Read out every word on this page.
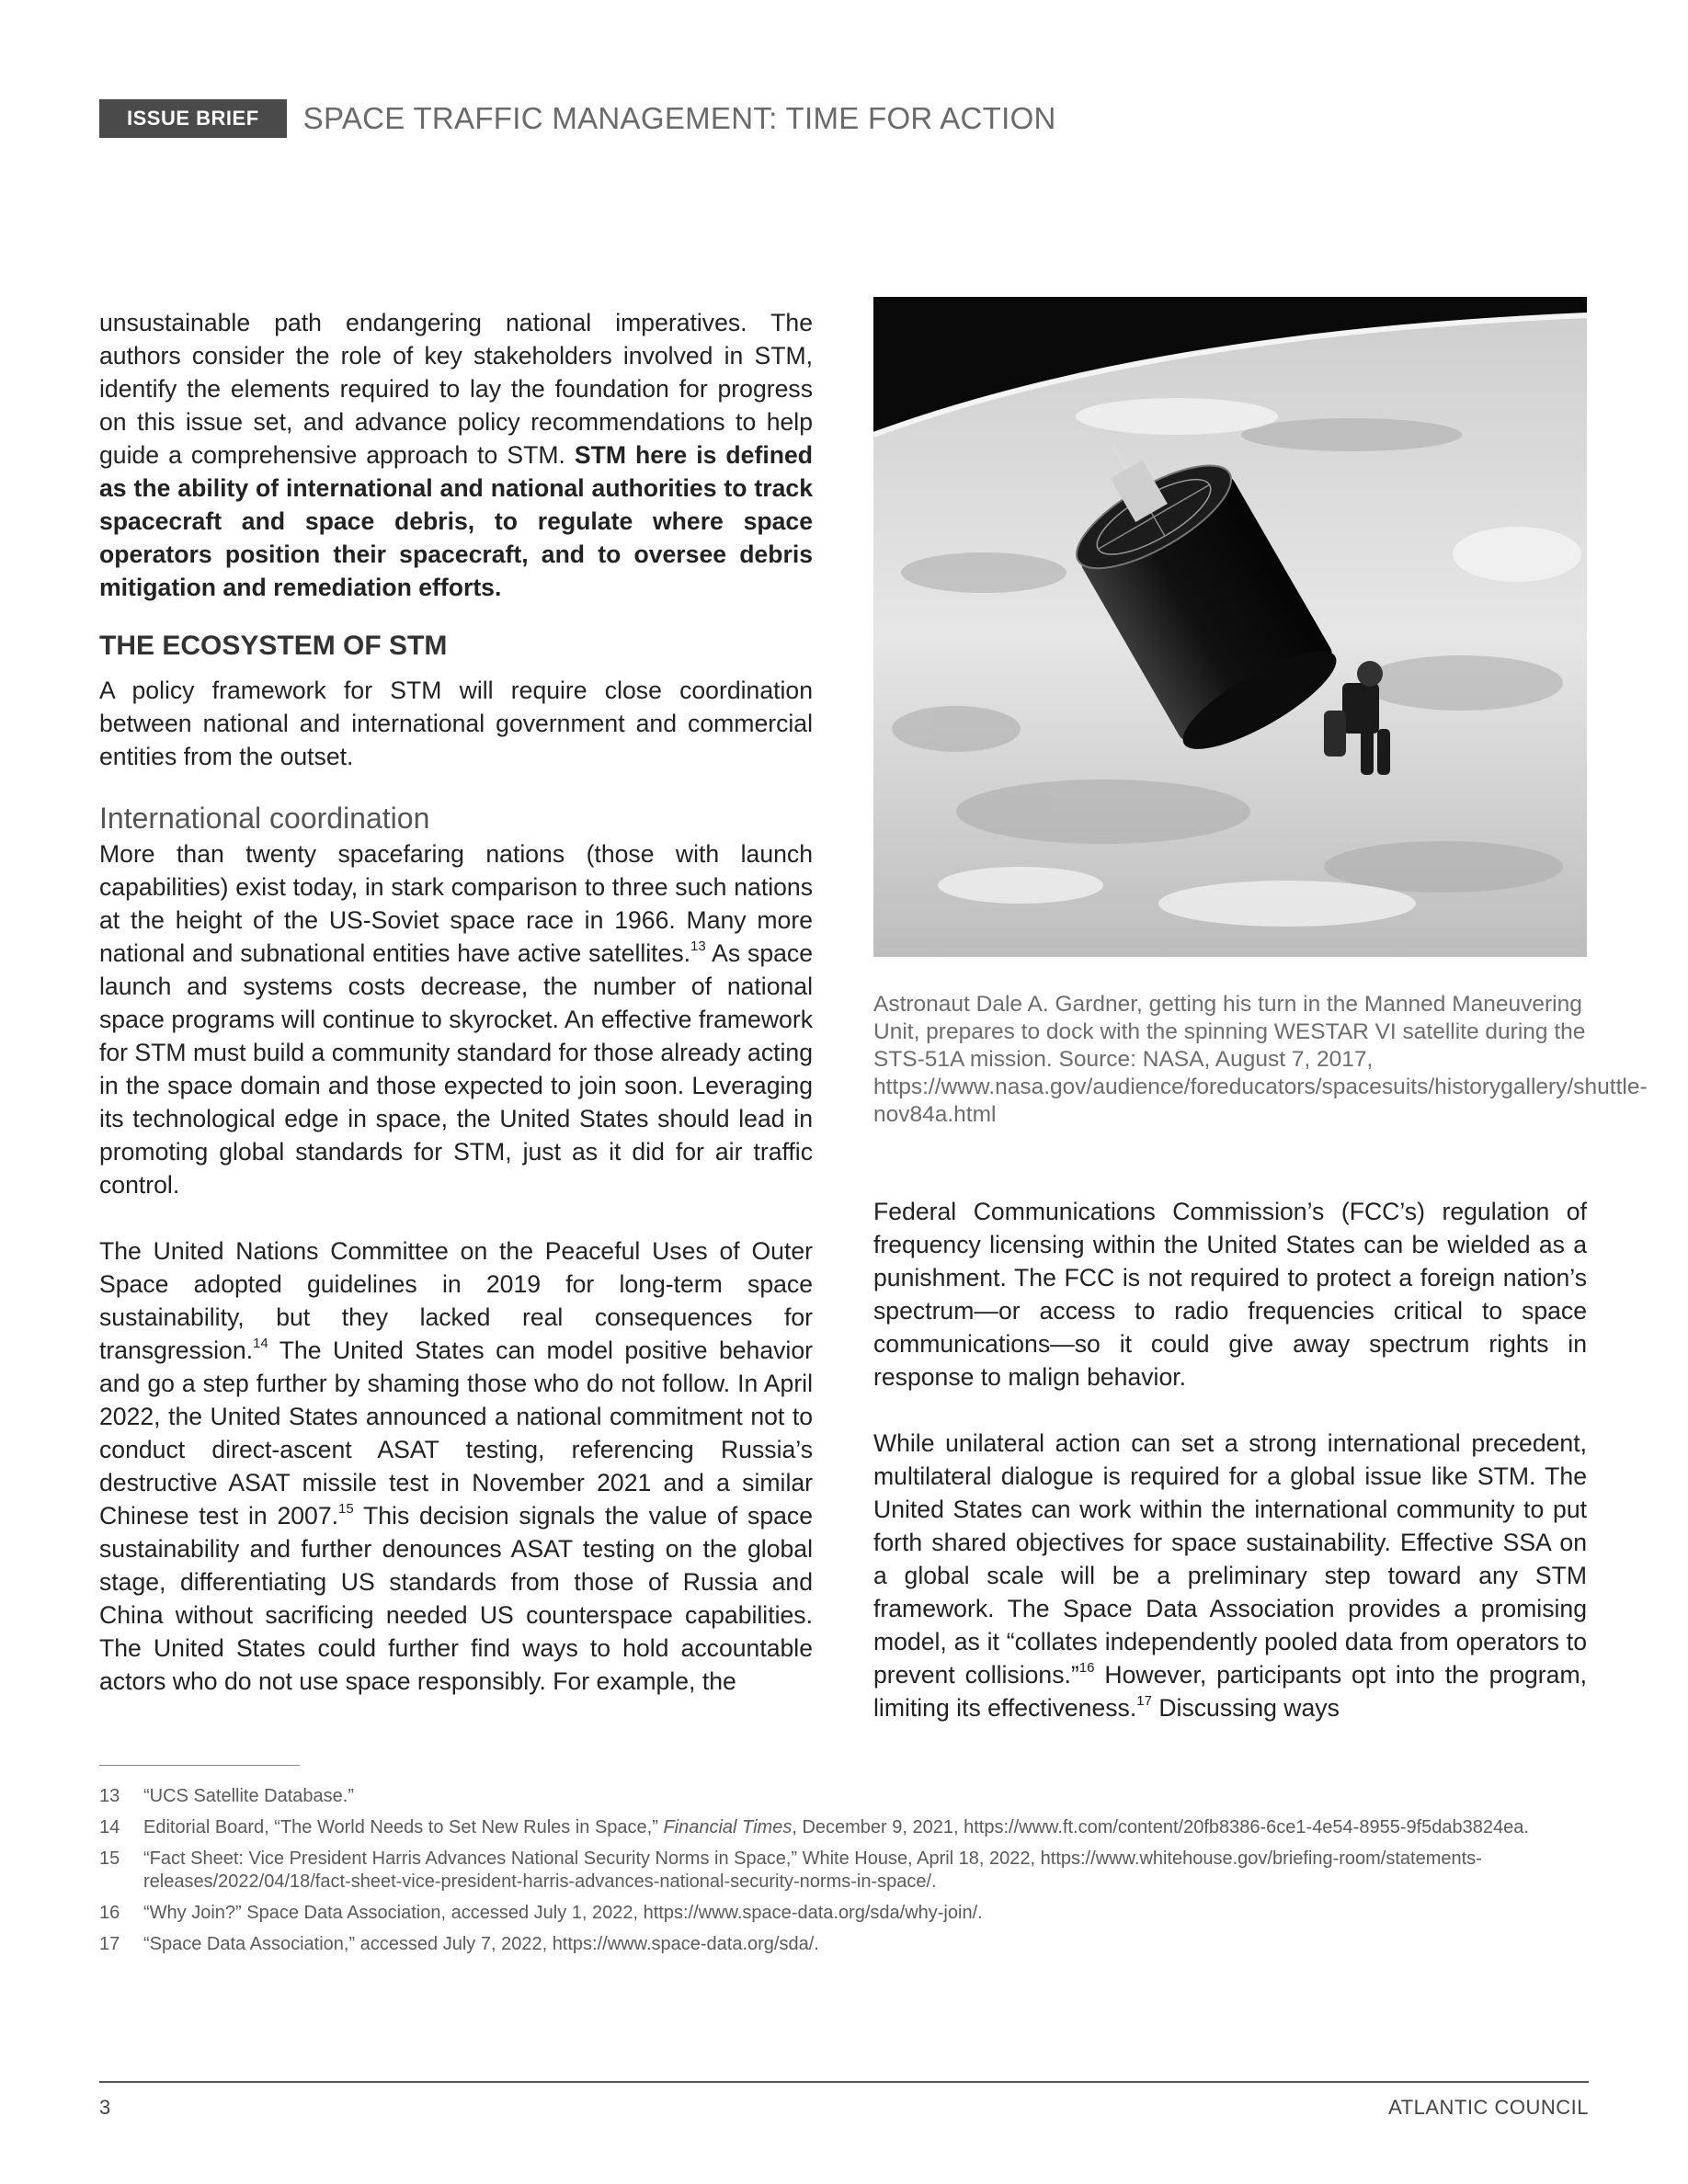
ISSUE BRIEF	SPACE TRAFFIC MANAGEMENT: TIME FOR ACTION

unsustainable path endangering national imperatives. The authors consider the role of key stakeholders involved in STM, identify the elements required to lay the foundation for progress on this issue set, and advance policy recommendations to help guide a comprehensive approach to STM. STM here is defined as the ability of international and national authorities to track spacecraft and space debris, to regulate where space operators position their spacecraft, and to oversee debris mitigation and remediation efforts.

THE ECOSYSTEM OF STM

A policy framework for STM will require close coordination between national and international government and commercial entities from the outset.

International coordination

More than twenty spacefaring nations (those with launch capabilities) exist today, in stark comparison to three such nations at the height of the US-Soviet space race in 1966. Many more national and subnational entities have active satellites.$^{13}$ As space launch and systems costs decrease, the number of national space programs will continue to skyrocket. An effective framework for STM must build a community standard for those already acting in the space domain and those expected to join soon. Leveraging its technological edge in space, the United States should lead in promoting global standards for STM, just as it did for air traffic control.

The United Nations Committee on the Peaceful Uses of Outer Space adopted guidelines in 2019 for long-term space sustainability, but they lacked real consequences for transgression.$^{14}$ The United States can model positive behavior and go a step further by shaming those who do not follow. In April 2022, the United States announced a national commitment not to conduct direct-ascent ASAT testing, referencing Russia’s destructive ASAT missile test in November 2021 and a similar Chinese test in 2007.15 This decision signals the value of space sustainability and further denounces ASAT testing on the global stage, differentiating US standards from those of Russia and China without sacrificing needed US counterspace capabilities. The United States could further find ways to hold accountable actors who do not use space responsibly. For example, the

Astronaut Dale A. Gardner, getting his turn in the Manned Maneuvering Unit, prepares to dock with the spinning WESTAR VI satellite during the STS-51A mission. Source: NASA, August 7, 2017, https://www.nasa.gov/audience/foreducators/spacesuits/historygallery/shuttle-nov84a.html

Federal Communications Commission’s (FCC’s) regulation of frequency licensing within the United States can be wielded as a punishment. The FCC is not required to protect a foreign nation’s spectrum—or access to radio frequencies critical to space communications—so it could give away spectrum rights in response to malign behavior.

While unilateral action can set a strong international precedent, multilateral dialogue is required for a global issue like STM. The United States can work within the international community to put forth shared objectives for space sustainability. Effective SSA on a global scale will be a preliminary step toward any STM framework. The Space Data Association provides a promising model, as it “collates independently pooled data from operators to prevent collisions.”$^{16}$ However, participants opt into the program, limiting its effectiveness.$^{17}$ Discussing ways

13	“UCS Satellite Database.”
14	Editorial Board, “The World Needs to Set New Rules in Space,” Financial Times, December 9, 2021, https://www.ft.com/content/20fb8386-6ce1-4e54-8955-9f5dab3824ea.
15	“Fact Sheet: Vice President Harris Advances National Security Norms in Space,” White House, April 18, 2022, https://www.whitehouse.gov/briefing-room/statements-releases/2022/04/18/fact-sheet-vice-president-harris-advances-national-security-norms-in-space/.
16	“Why Join?” Space Data Association, accessed July 1, 2022, https://www.space-data.org/sda/why-join/.
17	“Space Data Association,” accessed July 7, 2022, https://www.space-data.org/sda/.
3	ATLANTIC COUNCIL
